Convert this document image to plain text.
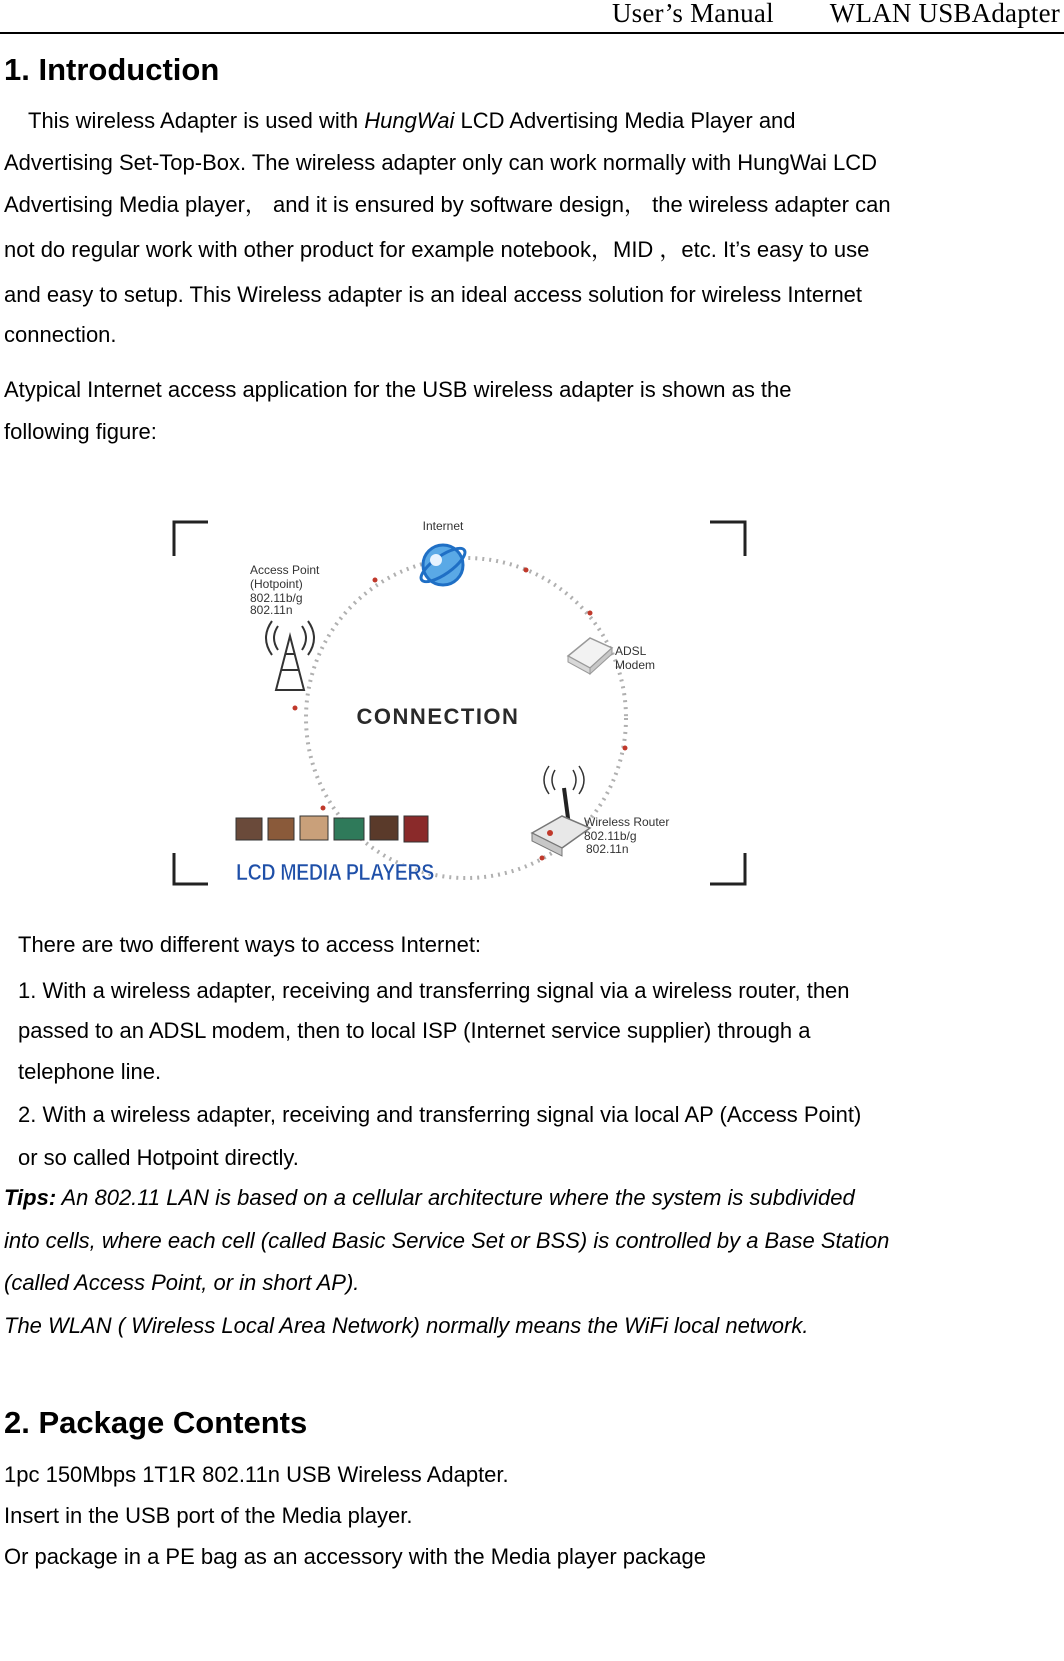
User’s Manual WLAN USBAdapter
1. Introduction
This wireless Adapter is used with HungWai LCD Advertising Media Player and
Advertising Set-Top-Box. The wireless adapter only can work normally with HungWai LCD
Advertising Media player， and it is ensured by software design， the wireless adapter can
not do regular work with other product for example notebook，MID ，etc. It’s easy to use
and easy to setup. This Wireless adapter is an ideal access solution for wireless Internet
connection.
Atypical Internet access application for the USB wireless adapter is shown as the
following figure:
Internet
Access Point
(Hotpoint)
802.11b/g
802.11n
ADSL
Modem
CONNECTION
Wireless Router
802.11b/g
802.11n
LCD MEDIA PLAYERS
There are two different ways to access Internet:
1. With a wireless adapter, receiving and transferring signal via a wireless router, then
passed to an ADSL modem, then to local ISP (Internet service supplier) through a
telephone line.
2. With a wireless adapter, receiving and transferring signal via local AP (Access Point)
or so called Hotpoint directly.
Tips: An 802.11 LAN is based on a cellular architecture where the system is subdivided
into cells, where each cell (called Basic Service Set or BSS) is controlled by a Base Station
(called Access Point, or in short AP).
The WLAN ( Wireless Local Area Network) normally means the WiFi local network.
2. Package Contents
1pc 150Mbps 1T1R 802.11n USB Wireless Adapter.
Insert in the USB port of the Media player.
Or package in a PE bag as an accessory with the Media player package
